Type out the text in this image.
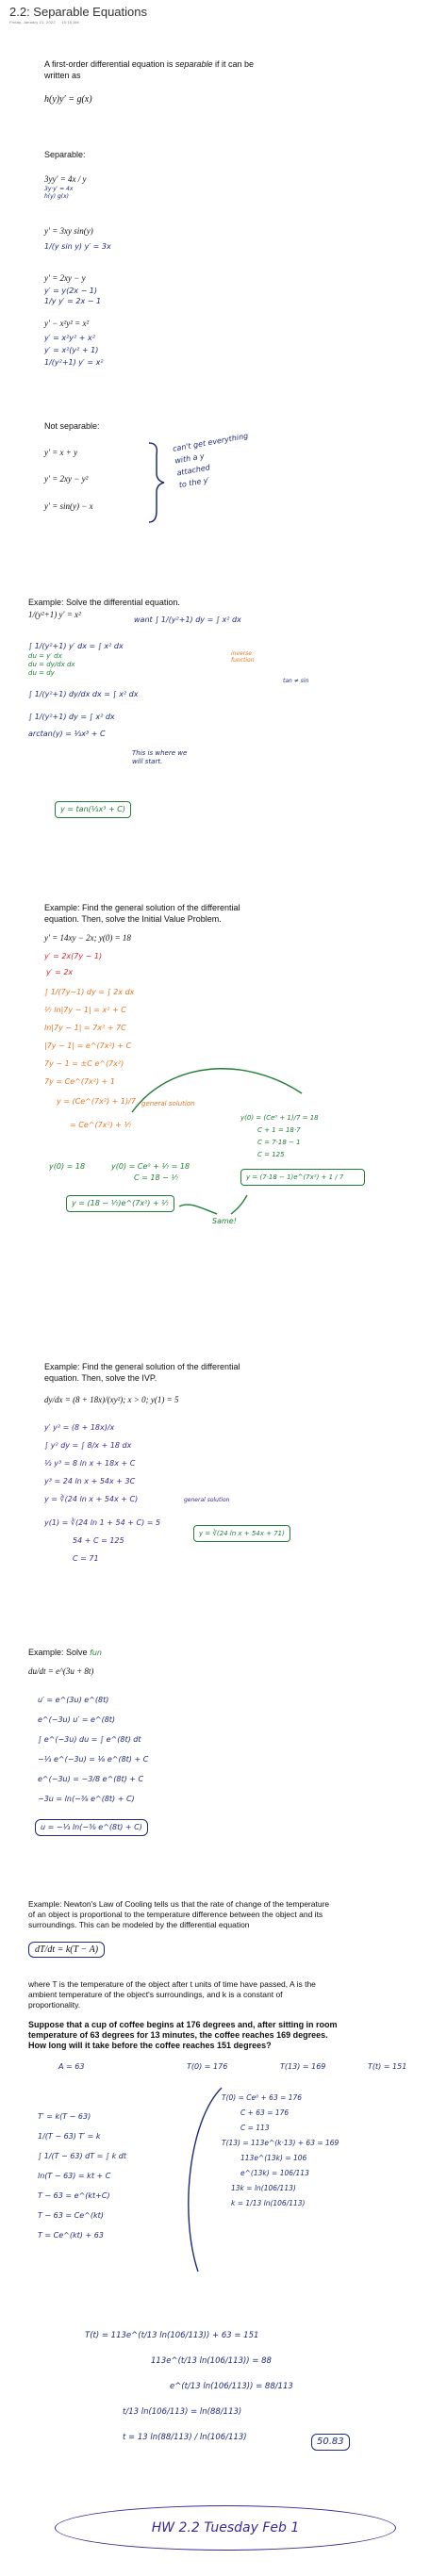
2.2: Separable Equations
Friday, January 21, 2022 10:15 AM
A first-order differential equation is separable if it can be
written as
h(y)y′ = g(x)
Separable:
3yy′ = 4x / y
3y·y′ = 4x
h(y) g(x)
y′ = 3xy sin(y)
1/(y sin y) y′ = 3x
y′ = 2xy − y
y′ = y(2x − 1)
1/y y′ = 2x − 1
y′ − x²y² = x²
y′ = x²y² + x²
y′ = x²(y² + 1)
1/(y²+1) y′ = x²
Not separable:
y′ = x + y
y′ = 2xy − y²
y′ = sin(y) − x
can't get everything
with a y
attached
to the y′
Example: Solve the differential equation.
1/(y²+1) y′ = x²
want ∫ 1/(y²+1) dy = ∫ x² dx
∫ 1/(y²+1) y′ dx = ∫ x² dx
du = y′ dx
du = dy/dx dx
du = dy
∫ 1/(y²+1) dy/dx dx = ∫ x² dx
∫ 1/(y²+1) dy = ∫ x² dx
arctan(y) = ⅓x³ + C
This is where we will start.
inverse
function
tan ≠ sin
y = tan(⅓x³ + C)
Example: Find the general solution of the differential
equation. Then, solve the Initial Value Problem.
y′ = 14xy − 2x; y(0) = 18
y′ = 2x(7y − 1)
y′ = 2x
∫ 1/(7y−1) dy = ∫ 2x dx
⅐ ln|7y − 1| = x² + C
ln|7y − 1| = 7x² + 7C
|7y − 1| = e^(7x²) + C
7y − 1 = ±C e^(7x²)
7y = Ce^(7x²) + 1
y = (Ce^(7x²) + 1)/7 general solution
= Ce^(7x²) + ⅐
y(0) = 18	y(0) = Ce⁰ + ⅐ = 18
C = 18 − ⅐
y(0) = (Ce⁰ + 1)/7 = 18
C + 1 = 18·7
C = 7·18 − 1
C = 125
y = (18 − ⅐)e^(7x²) + ⅐
y = (7·18 − 1)e^(7x²) + 1 / 7
Same!
Example: Find the general solution of the differential
equation. Then, solve the IVP.
dy/dx = (8 + 18x)/(xy²); x > 0; y(1) = 5
y′ y² = (8 + 18x)/x
∫ y² dy = ∫ 8/x + 18 dx
⅓ y³ = 8 ln x + 18x + C
y³ = 24 ln x + 54x + 3C
y = ∛(24 ln x + 54x + C)
y(1) = ∛(24 ln 1 + 54 + C) = 5
54 + C = 125
C = 71
general solution
y = ∛(24 ln x + 54x + 71)
Example: Solve fun
du/dt = e^(3u + 8t)
u′ = e^(3u) e^(8t)
e^(−3u) u′ = e^(8t)
∫ e^(−3u) du = ∫ e^(8t) dt
−⅓ e^(−3u) = ⅛ e^(8t) + C
e^(−3u) = −3/8 e^(8t) + C
−3u = ln(−⅜ e^(8t) + C)
u = −⅓ ln(−⅜ e^(8t) + C)
Example: Newton's Law of Cooling tells us that the rate of change of the temperature
of an object is proportional to the temperature difference between the object and its
surroundings. This can be modeled by the differential equation
dT/dt = k(T − A)
where T is the temperature of the object after t units of time have passed, A is the
ambient temperature of the object's surroundings, and k is a constant of
proportionality.
Suppose that a cup of coffee begins at 176 degrees and, after sitting in room
temperature of 63 degrees for 13 minutes, the coffee reaches 169 degrees.
How long will it take before the coffee reaches 151 degrees?
A = 63	T(0) = 176	T(13) = 169	T(t) = 151
T′ = k(T − 63)
1/(T − 63) T′ = k
∫ 1/(T − 63) dT = ∫ k dt
ln(T − 63) = kt + C
T − 63 = e^(kt+C)
T − 63 = Ce^(kt)
T = Ce^(kt) + 63
T(0) = Ce⁰ + 63 = 176
C + 63 = 176
C = 113
T(13) = 113e^(k·13) + 63 = 169
113e^(13k) = 106
e^(13k) = 106/113
13k = ln(106/113)
k = 1/13 ln(106/113)
T(t) = 113e^(t/13 ln(106/113)) + 63 = 151
113e^(t/13 ln(106/113)) = 88
e^(t/13 ln(106/113)) = 88/113
t/13 ln(106/113) = ln(88/113)
t = 13 ln(88/113) / ln(106/113)	50.83
HW 2.2 Tuesday Feb 1
